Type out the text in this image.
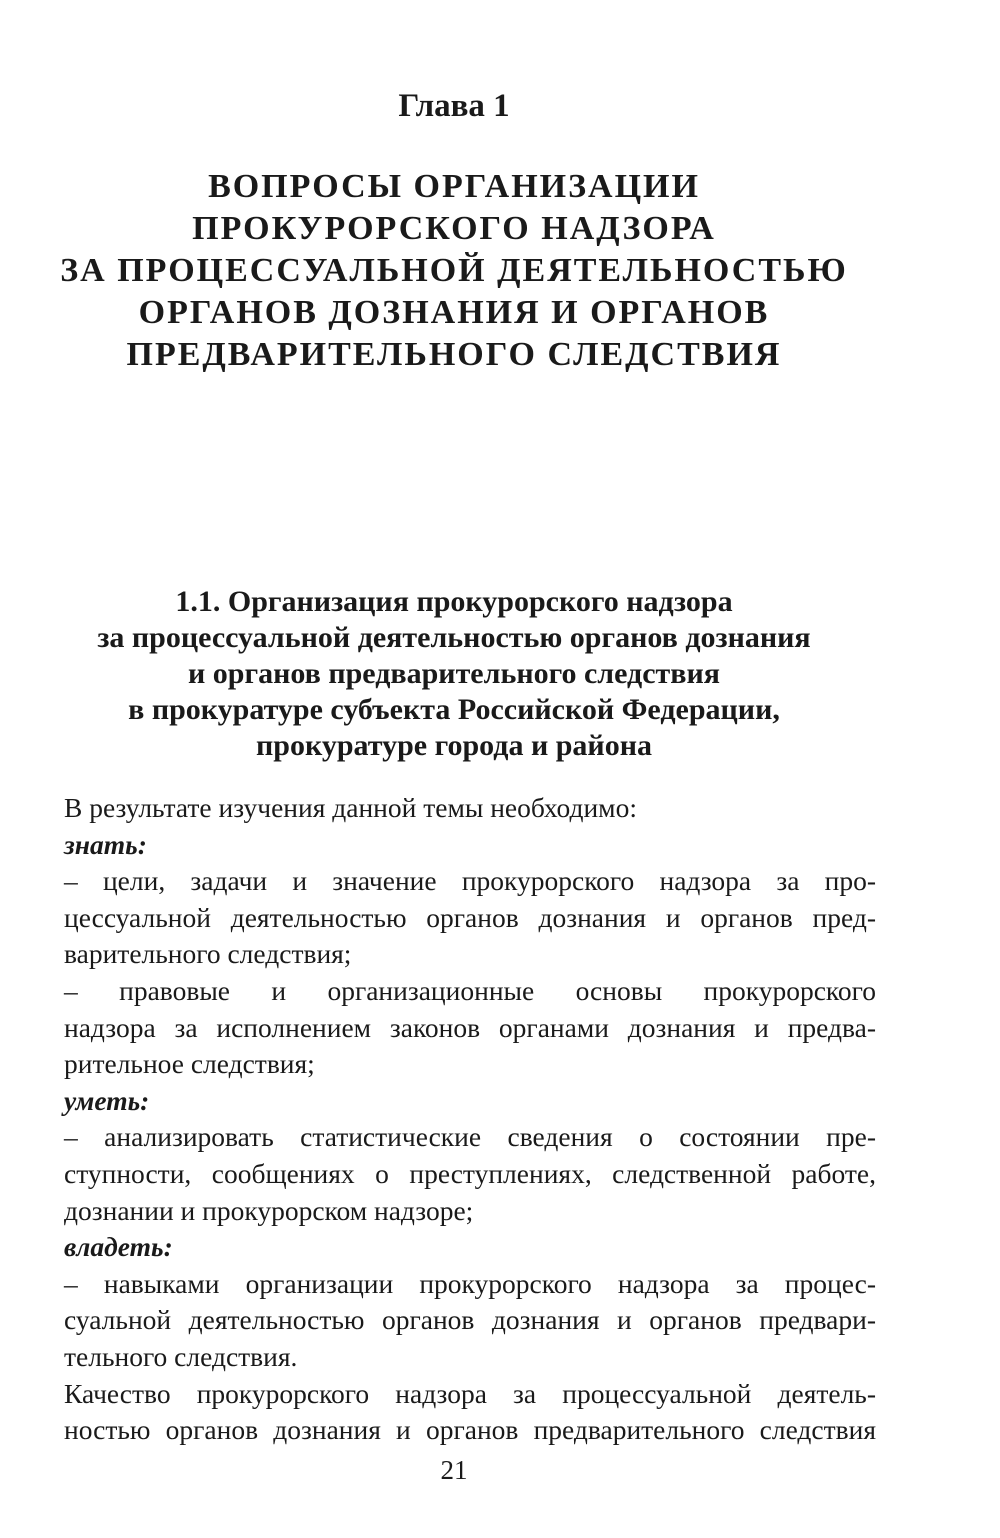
Глава 1
ВОПРОСЫ ОРГАНИЗАЦИИ
ПРОКУРОРСКОГО НАДЗОРА
ЗА ПРОЦЕССУАЛЬНОЙ ДЕЯТЕЛЬНОСТЬЮ
ОРГАНОВ ДОЗНАНИЯ И ОРГАНОВ
ПРЕДВАРИТЕЛЬНОГО СЛЕДСТВИЯ
1.1. Организация прокурорского надзора
за процессуальной деятельностью органов дознания
и органов предварительного следствия
в прокуратуре субъекта Российской Федерации,
прокуратуре города и района
В результате изучения данной темы необходимо:
знать:
– цели, задачи и значение прокурорского надзора за про-
цессуальной деятельностью органов дознания и органов пред-
варительного следствия;
– правовые и организационные основы прокурорского
надзора за исполнением законов органами дознания и предва-
рительное следствия;
уметь:
– анализировать статистические сведения о состоянии пре-
ступности, сообщениях о преступлениях, следственной работе,
дознании и прокурорском надзоре;
владеть:
– навыками организации прокурорского надзора за процес-
суальной деятельностью органов дознания и органов предвари-
тельного следствия.
Качество прокурорского надзора за процессуальной деятель-
ностью органов дознания и органов предварительного следствия
21
